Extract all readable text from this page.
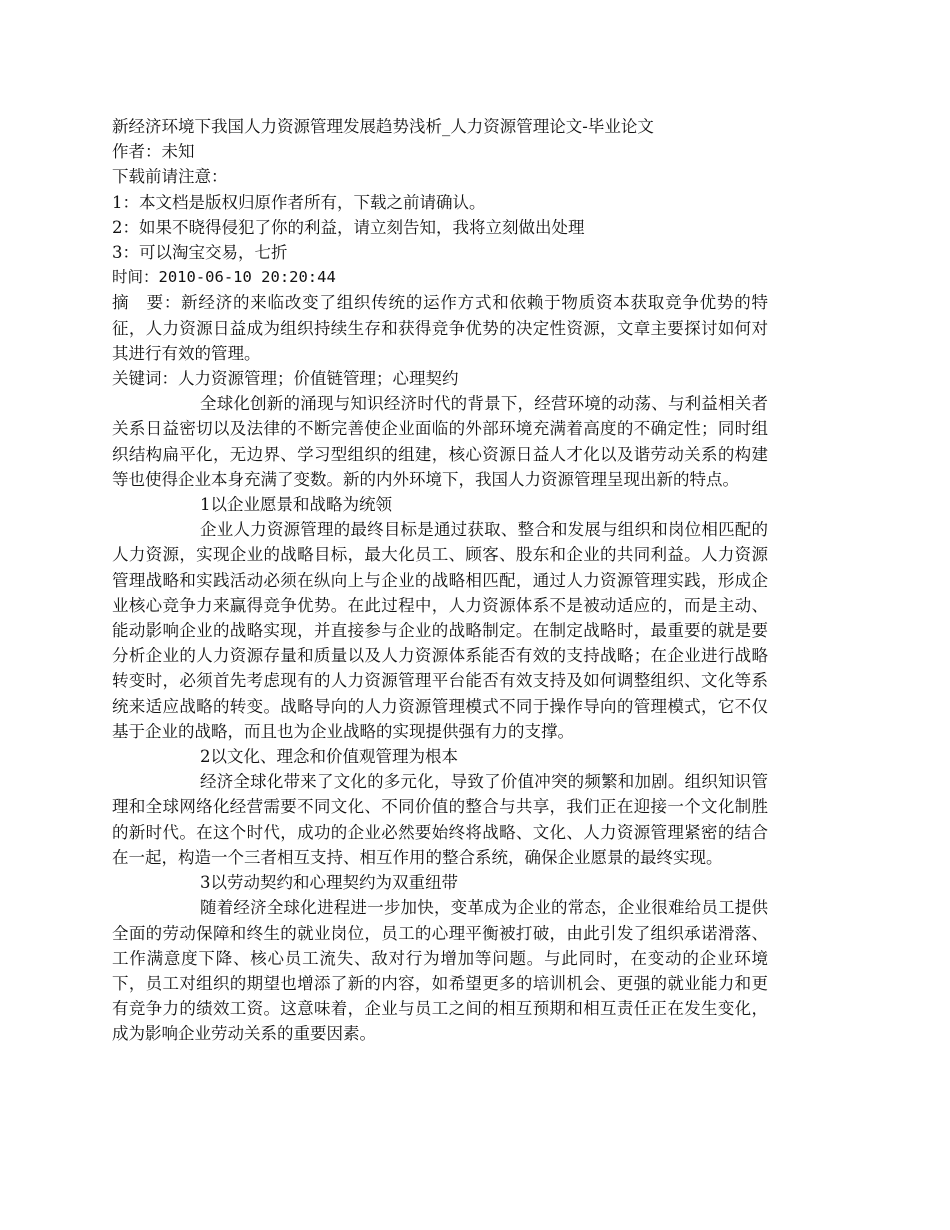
新经济环境下我国人力资源管理发展趋势浅析_人力资源管理论文-毕业论文
作者：未知
下载前请注意：
1：本文档是版权归原作者所有，下载之前请确认。
2：如果不晓得侵犯了你的利益，请立刻告知，我将立刻做出处理
3：可以淘宝交易，七折
时间：2010-06-10 20:20:44

摘　要：新经济的来临改变了组织传统的运作方式和依赖于物质资本获取竞争优势的特征，人力资源日益成为组织持续生存和获得竞争优势的决定性资源，文章主要探讨如何对其进行有效的管理。

关键词：人力资源管理；价值链管理；心理契约

全球化创新的涌现与知识经济时代的背景下，经营环境的动荡、与利益相关者关系日益密切以及法律的不断完善使企业面临的外部环境充满着高度的不确定性；同时组织结构扁平化，无边界、学习型组织的组建，核心资源日益人才化以及谐劳动关系的构建等也使得企业本身充满了变数。新的内外环境下，我国人力资源管理呈现出新的特点。

1以企业愿景和战略为统领

企业人力资源管理的最终目标是通过获取、整合和发展与组织和岗位相匹配的人力资源，实现企业的战略目标，最大化员工、顾客、股东和企业的共同利益。人力资源管理战略和实践活动必须在纵向上与企业的战略相匹配，通过人力资源管理实践，形成企业核心竞争力来赢得竞争优势。在此过程中，人力资源体系不是被动适应的，而是主动、能动影响企业的战略实现，并直接参与企业的战略制定。在制定战略时，最重要的就是要分析企业的人力资源存量和质量以及人力资源体系能否有效的支持战略；在企业进行战略转变时，必须首先考虑现有的人力资源管理平台能否有效支持及如何调整组织、文化等系统来适应战略的转变。战略导向的人力资源管理模式不同于操作导向的管理模式，它不仅基于企业的战略，而且也为企业战略的实现提供强有力的支撑。

2以文化、理念和价值观管理为根本

经济全球化带来了文化的多元化，导致了价值冲突的频繁和加剧。组织知识管理和全球网络化经营需要不同文化、不同价值的整合与共享，我们正在迎接一个文化制胜的新时代。在这个时代，成功的企业必然要始终将战略、文化、人力资源管理紧密的结合在一起，构造一个三者相互支持、相互作用的整合系统，确保企业愿景的最终实现。

3以劳动契约和心理契约为双重纽带

随着经济全球化进程进一步加快，变革成为企业的常态，企业很难给员工提供全面的劳动保障和终生的就业岗位，员工的心理平衡被打破，由此引发了组织承诺滑落、工作满意度下降、核心员工流失、敌对行为增加等问题。与此同时，在变动的企业环境下，员工对组织的期望也增添了新的内容，如希望更多的培训机会、更强的就业能力和更有竞争力的绩效工资。这意味着，企业与员工之间的相互预期和相互责任正在发生变化，成为影响企业劳动关系的重要因素。
